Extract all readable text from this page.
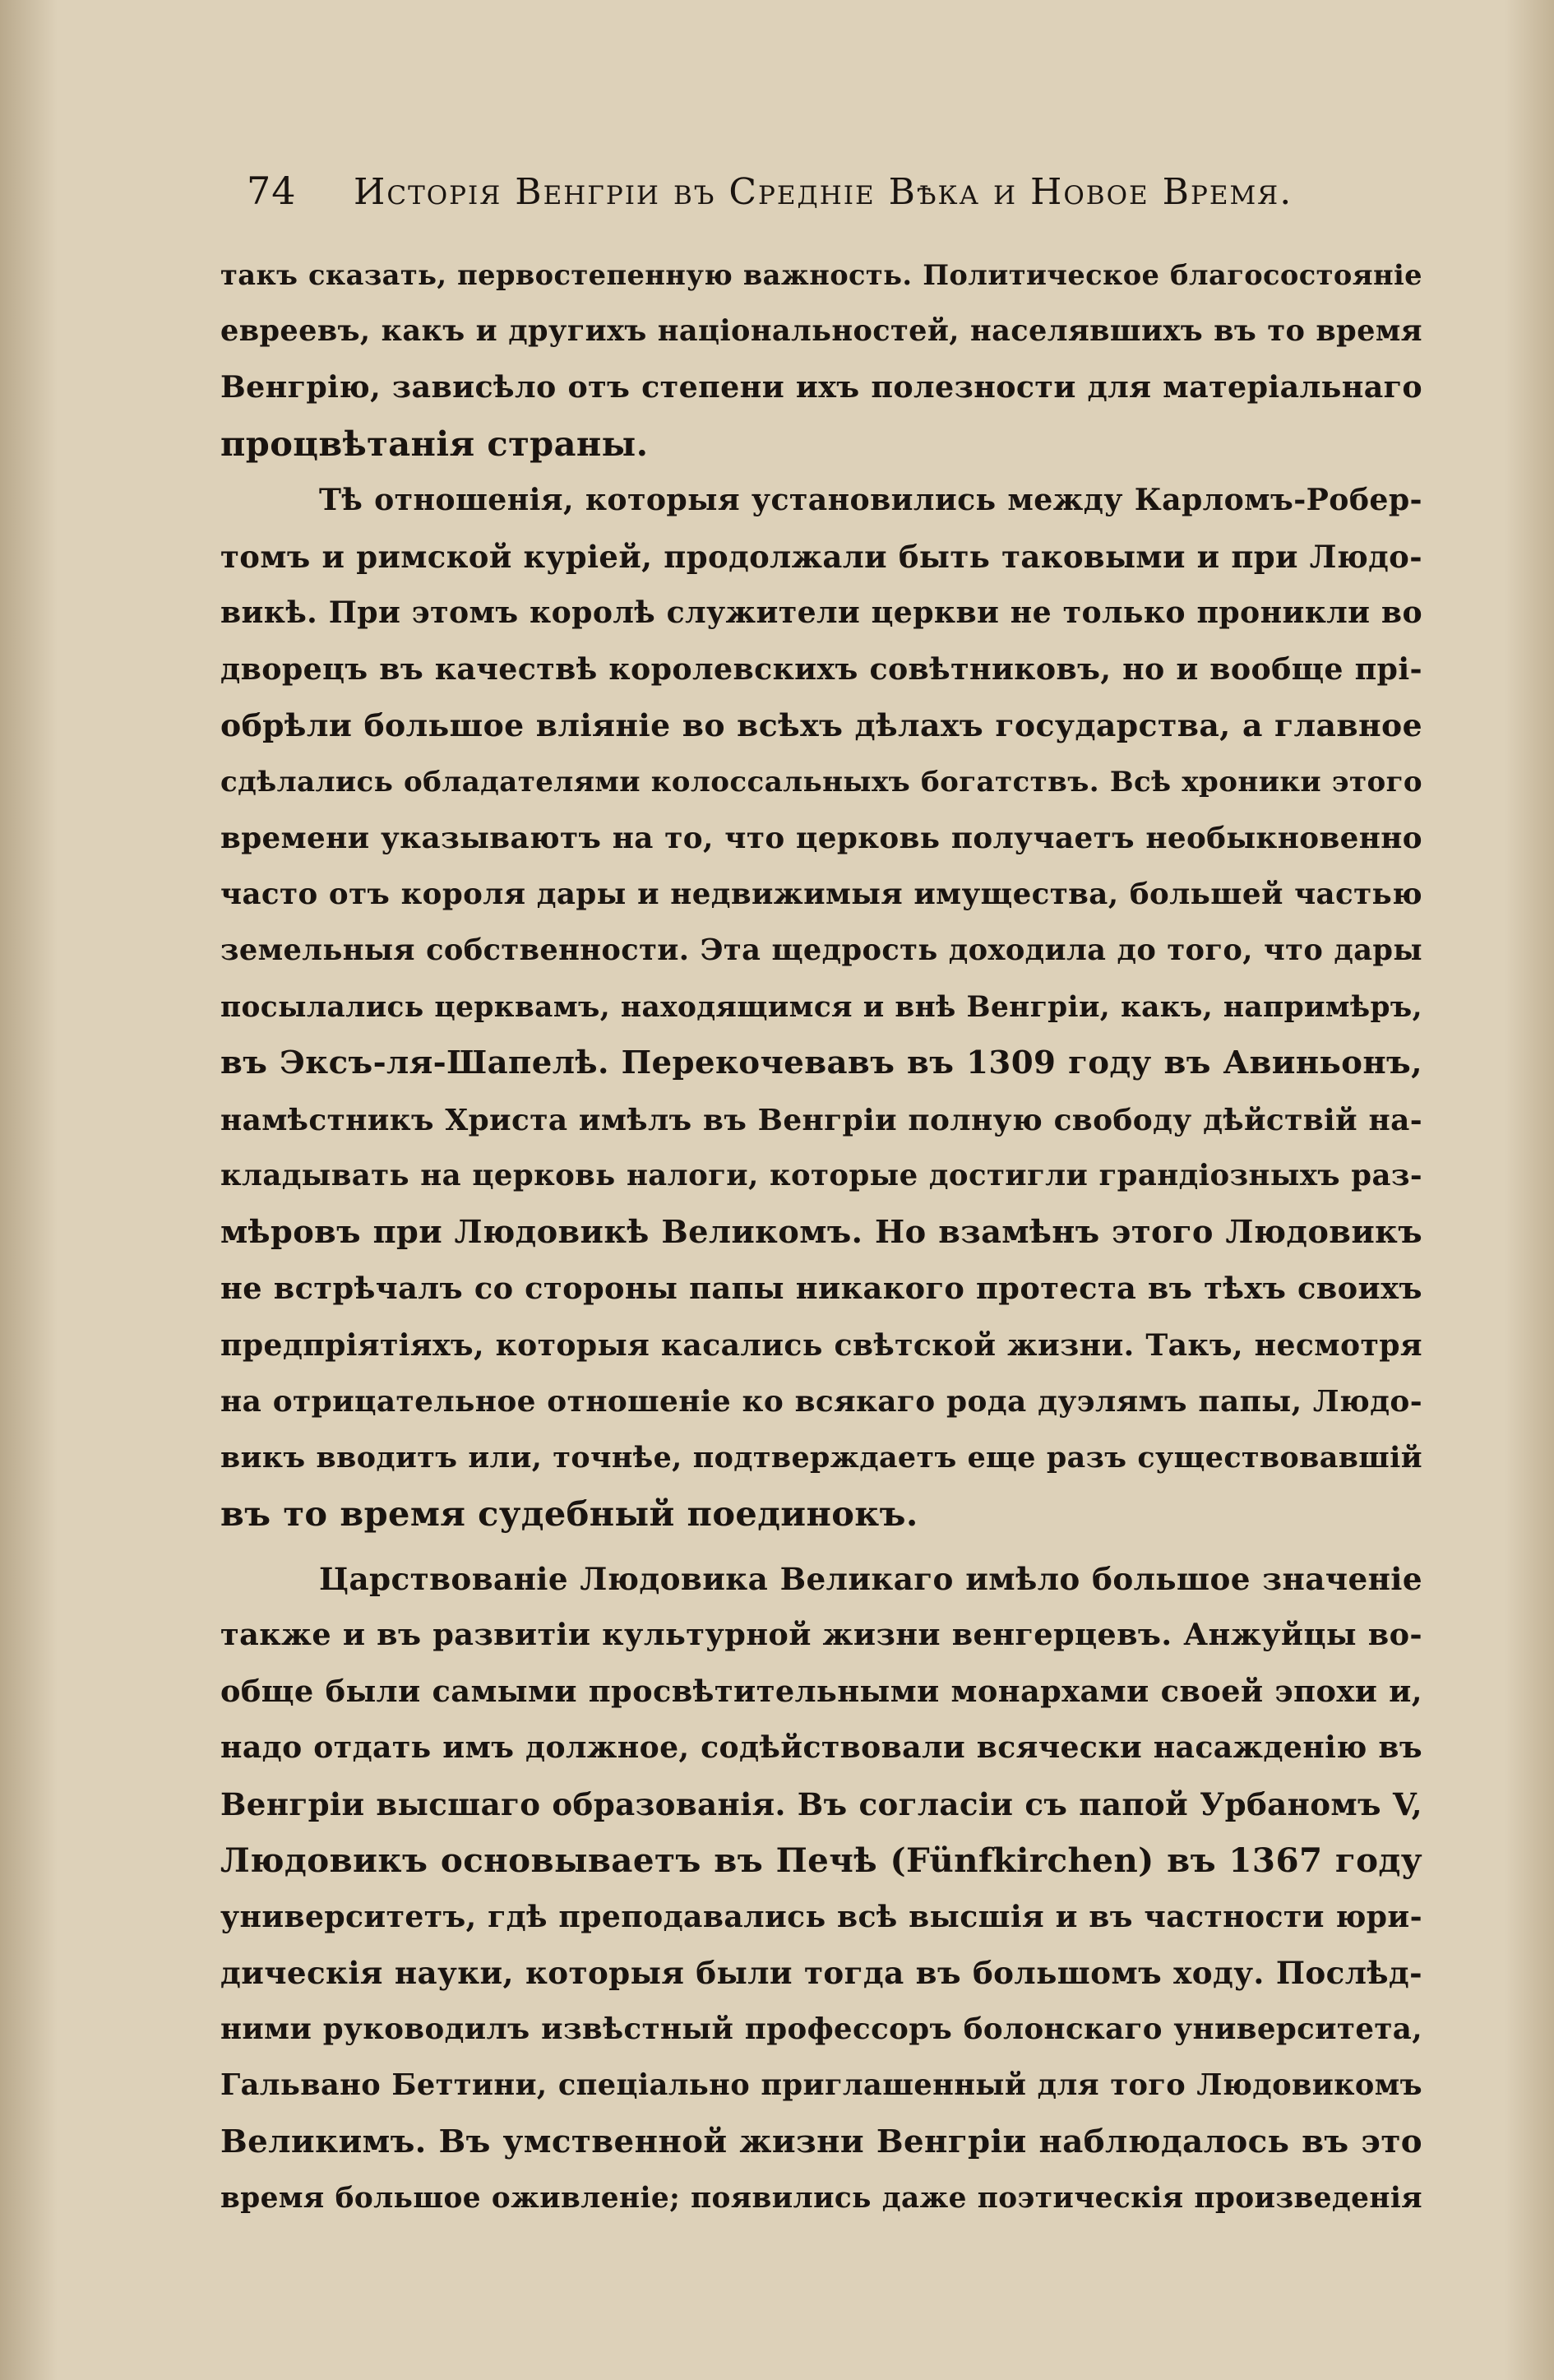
74	Исторія Венгріи въ Средніе Вѣка и Новое Время.
такъ сказать, первостепенную важность. Политическое благосостояніе
евреевъ, какъ и другихъ національностей, населявшихъ въ то время
Венгрію, зависѣло отъ степени ихъ полезности для матеріальнаго
процвѣтанія страны.
Тѣ отношенія, которыя установились между Карломъ-Робер-
томъ и римской куріей, продолжали быть таковыми и при Людо-
викѣ. При этомъ королѣ служители церкви не только проникли во
дворецъ въ качествѣ королевскихъ совѣтниковъ, но и вообще прі-
обрѣли большое вліяніе во всѣхъ дѣлахъ государства, а главное
сдѣлались обладателями колоссальныхъ богатствъ. Всѣ хроники этого
времени указываютъ на то, что церковь получаетъ необыкновенно
часто отъ короля дары и недвижимыя имущества, большей частью
земельныя собственности. Эта щедрость доходила до того, что дары
посылались церквамъ, находящимся и внѣ Венгріи, какъ, напримѣръ,
въ Эксъ-ля-Шапелѣ. Перекочевавъ въ 1309 году въ Авиньонъ,
намѣстникъ Христа имѣлъ въ Венгріи полную свободу дѣйствій на-
кладывать на церковь налоги, которые достигли грандіозныхъ раз-
мѣровъ при Людовикѣ Великомъ. Но взамѣнъ этого Людовикъ
не встрѣчалъ со стороны папы никакого протеста въ тѣхъ своихъ
предпріятіяхъ, которыя касались свѣтской жизни. Такъ, несмотря
на отрицательное отношеніе ко всякаго рода дуэлямъ папы, Людо-
викъ вводитъ или, точнѣе, подтверждаетъ еще разъ существовавшій
въ то время судебный поединокъ.
Царствованіе Людовика Великаго имѣло большое значеніе
также и въ развитіи культурной жизни венгерцевъ. Анжуйцы во-
обще были самыми просвѣтительными монархами своей эпохи и,
надо отдать имъ должное, содѣйствовали всячески насажденію въ
Венгріи высшаго образованія. Въ согласіи съ папой Урбаномъ V,
Людовикъ основываетъ въ Печѣ (Fünfkirchen) въ 1367 году
университетъ, гдѣ преподавались всѣ высшія и въ частности юри-
дическія науки, которыя были тогда въ большомъ ходу. Послѣд-
ними руководилъ извѣстный профессоръ болонскаго университета,
Гальвано Беттини, спеціально приглашенный для того Людовикомъ
Великимъ. Въ умственной жизни Венгріи наблюдалось въ это
время большое оживленіе; появились даже поэтическія произведенія
